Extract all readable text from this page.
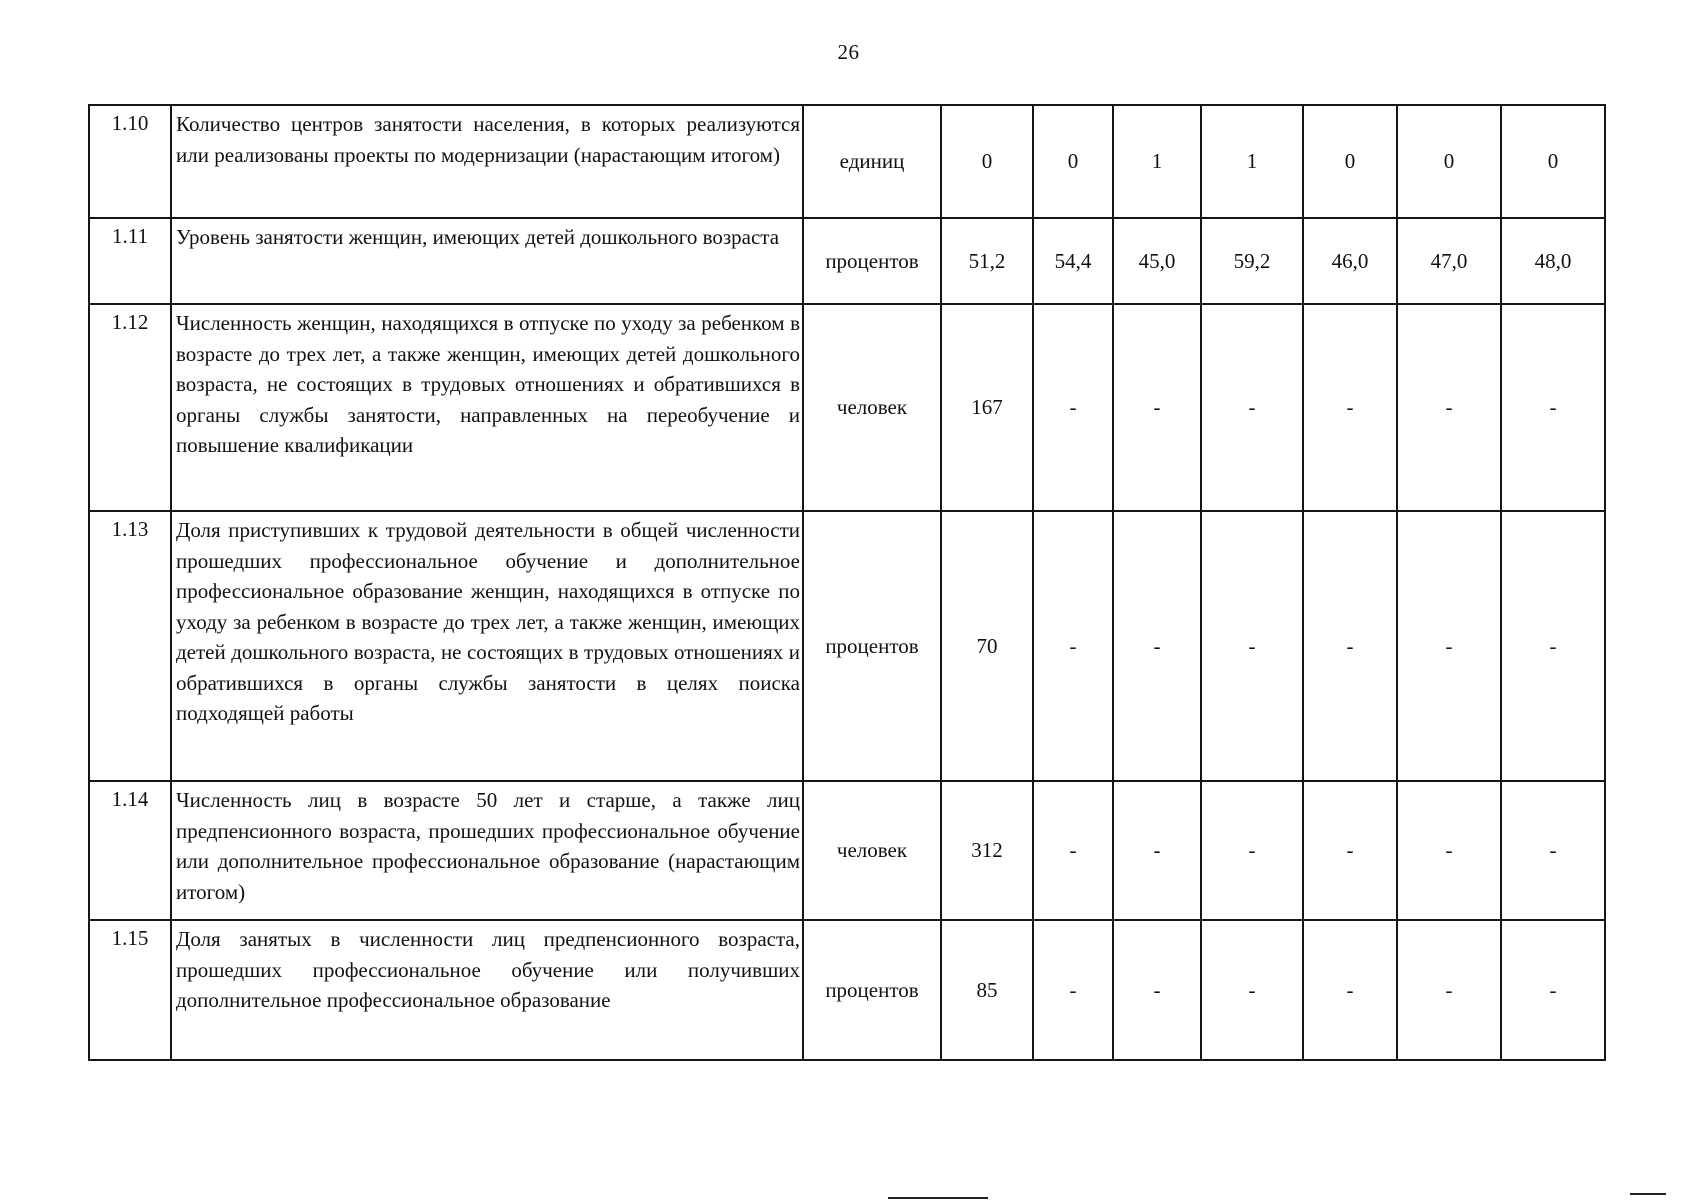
26
1.10	Количество центров занятости населения, в которых реализуются или реализованы проекты по модернизации (нарастающим итогом)	единиц	0	0	1	1	0	0	0
1.11	Уровень занятости женщин, имеющих детей дошкольного возраста	процентов	51,2	54,4	45,0	59,2	46,0	47,0	48,0
1.12	Численность женщин, находящихся в отпуске по уходу за ребенком в возрасте до трех лет, а также женщин, имеющих детей дошкольного возраста, не состоящих в трудовых отношениях и обратившихся в органы службы занятости, направленных на переобучение и повышение квалификации	человек	167	-	-	-	-	-	-
1.13	Доля приступивших к трудовой деятельности в общей численности прошедших профессиональное обучение и дополнительное профессиональное образование женщин, находящихся в отпуске по уходу за ребенком в возрасте до трех лет, а также женщин, имеющих детей дошкольного возраста, не состоящих в трудовых отношениях и обратившихся в органы службы занятости в целях поиска подходящей работы	процентов	70	-	-	-	-	-	-
1.14	Численность лиц в возрасте 50 лет и старше, а также лиц предпенсионного возраста, прошедших профессиональное обучение или дополнительное профессиональное образование (нарастающим итогом)	человек	312	-	-	-	-	-	-
1.15	Доля занятых в численности лиц предпенсионного возраста, прошедших профессиональное обучение или получивших дополнительное профессиональное образование	процентов	85	-	-	-	-	-	-
